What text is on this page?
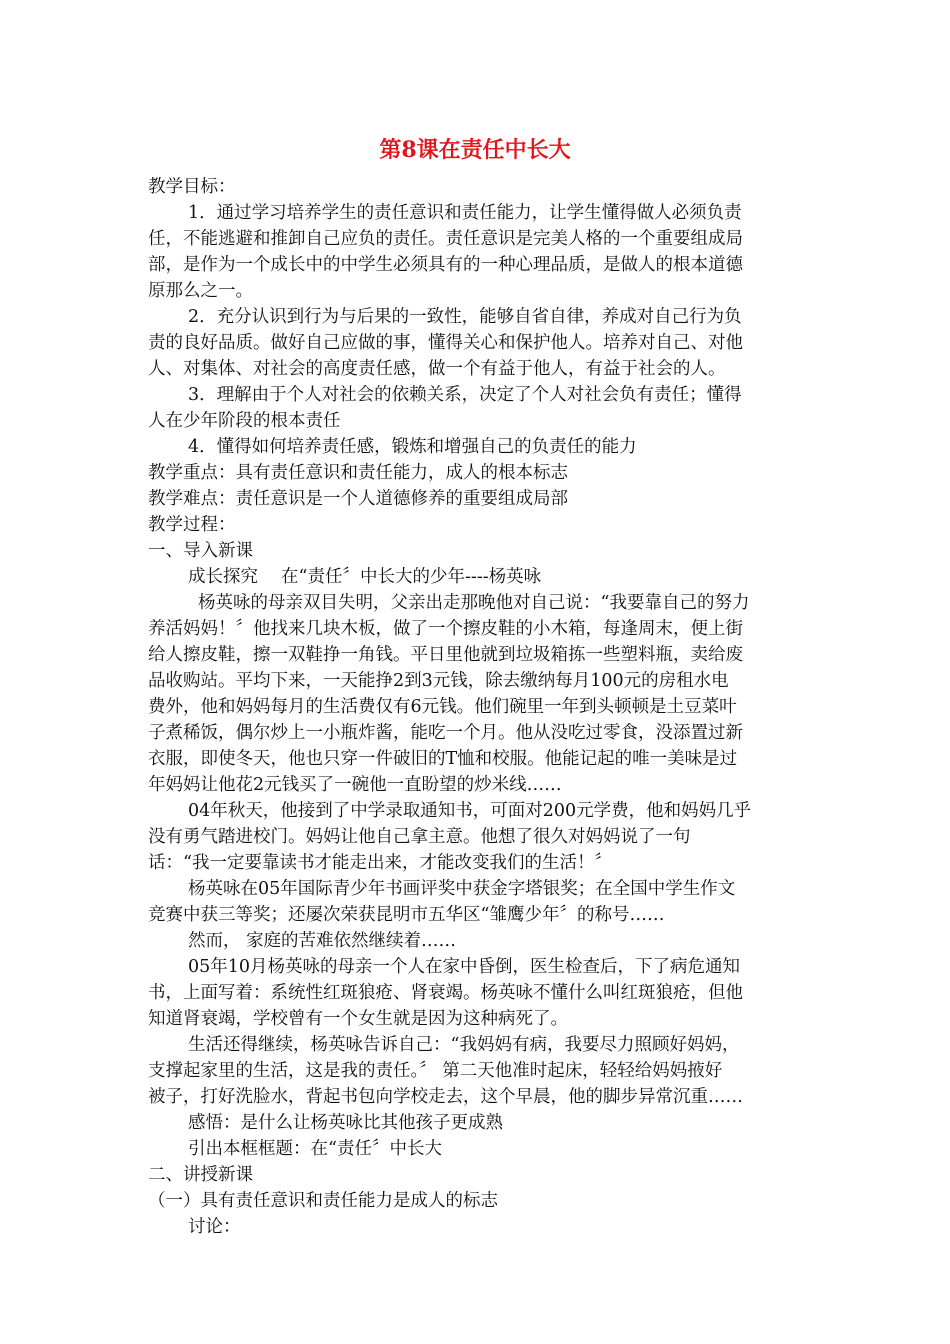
第8课在责任中长大
教学目标：
1．通过学习培养学生的责任意识和责任能力，让学生懂得做人必须负责
任，不能逃避和推卸自己应负的责任。责任意识是完美人格的一个重要组成局
部，是作为一个成长中的中学生必须具有的一种心理品质，是做人的根本道德
原那么之一。
2．充分认识到行为与后果的一致性，能够自省自律，养成对自己行为负
责的良好品质。做好自己应做的事，懂得关心和保护他人。培养对自己、对他
人、对集体、对社会的高度责任感，做一个有益于他人，有益于社会的人。
3．理解由于个人对社会的依赖关系，决定了个人对社会负有责任；懂得
人在少年阶段的根本责任
4．懂得如何培养责任感，锻炼和增强自己的负责任的能力
教学重点：具有责任意识和责任能力，成人的根本标志
教学难点：责任意识是一个人道德修养的重要组成局部
教学过程：
一、导入新课
成长探究　 在“责任〞中长大的少年----杨英咏
杨英咏的母亲双目失明，父亲出走那晚他对自己说：“我要靠自己的努力
养活妈妈！〞他找来几块木板，做了一个擦皮鞋的小木箱，每逢周末，便上街
给人擦皮鞋，擦一双鞋挣一角钱。平日里他就到垃圾箱拣一些塑料瓶，卖给废
品收购站。平均下来，一天能挣2到3元钱，除去缴纳每月100元的房租水电
费外，他和妈妈每月的生活费仅有6元钱。他们碗里一年到头顿顿是土豆菜叶
子煮稀饭，偶尔炒上一小瓶炸酱，能吃一个月。他从没吃过零食，没添置过新
衣服，即使冬天，他也只穿一件破旧的T恤和校服。他能记起的唯一美味是过
年妈妈让他花2元钱买了一碗他一直盼望的炒米线……
04年秋天，他接到了中学录取通知书，可面对200元学费，他和妈妈几乎
没有勇气踏进校门。妈妈让他自己拿主意。他想了很久对妈妈说了一句
话：“我一定要靠读书才能走出来，才能改变我们的生活！〞
杨英咏在05年国际青少年书画评奖中获金字塔银奖；在全国中学生作文
竞赛中获三等奖；还屡次荣获昆明市五华区“雏鹰少年〞的称号……
然而， 家庭的苦难依然继续着……
05年10月杨英咏的母亲一个人在家中昏倒，医生检查后，下了病危通知
书，上面写着：系统性红斑狼疮、肾衰竭。杨英咏不懂什么叫红斑狼疮，但他
知道肾衰竭，学校曾有一个女生就是因为这种病死了。
生活还得继续，杨英咏告诉自己：“我妈妈有病，我要尽力照顾好妈妈，
支撑起家里的生活，这是我的责任。〞 第二天他准时起床，轻轻给妈妈掖好
被子，打好洗脸水，背起书包向学校走去，这个早晨，他的脚步异常沉重……
感悟：是什么让杨英咏比其他孩子更成熟
引出本框框题：在“责任〞中长大
二、讲授新课
（一）具有责任意识和责任能力是成人的标志
讨论：
